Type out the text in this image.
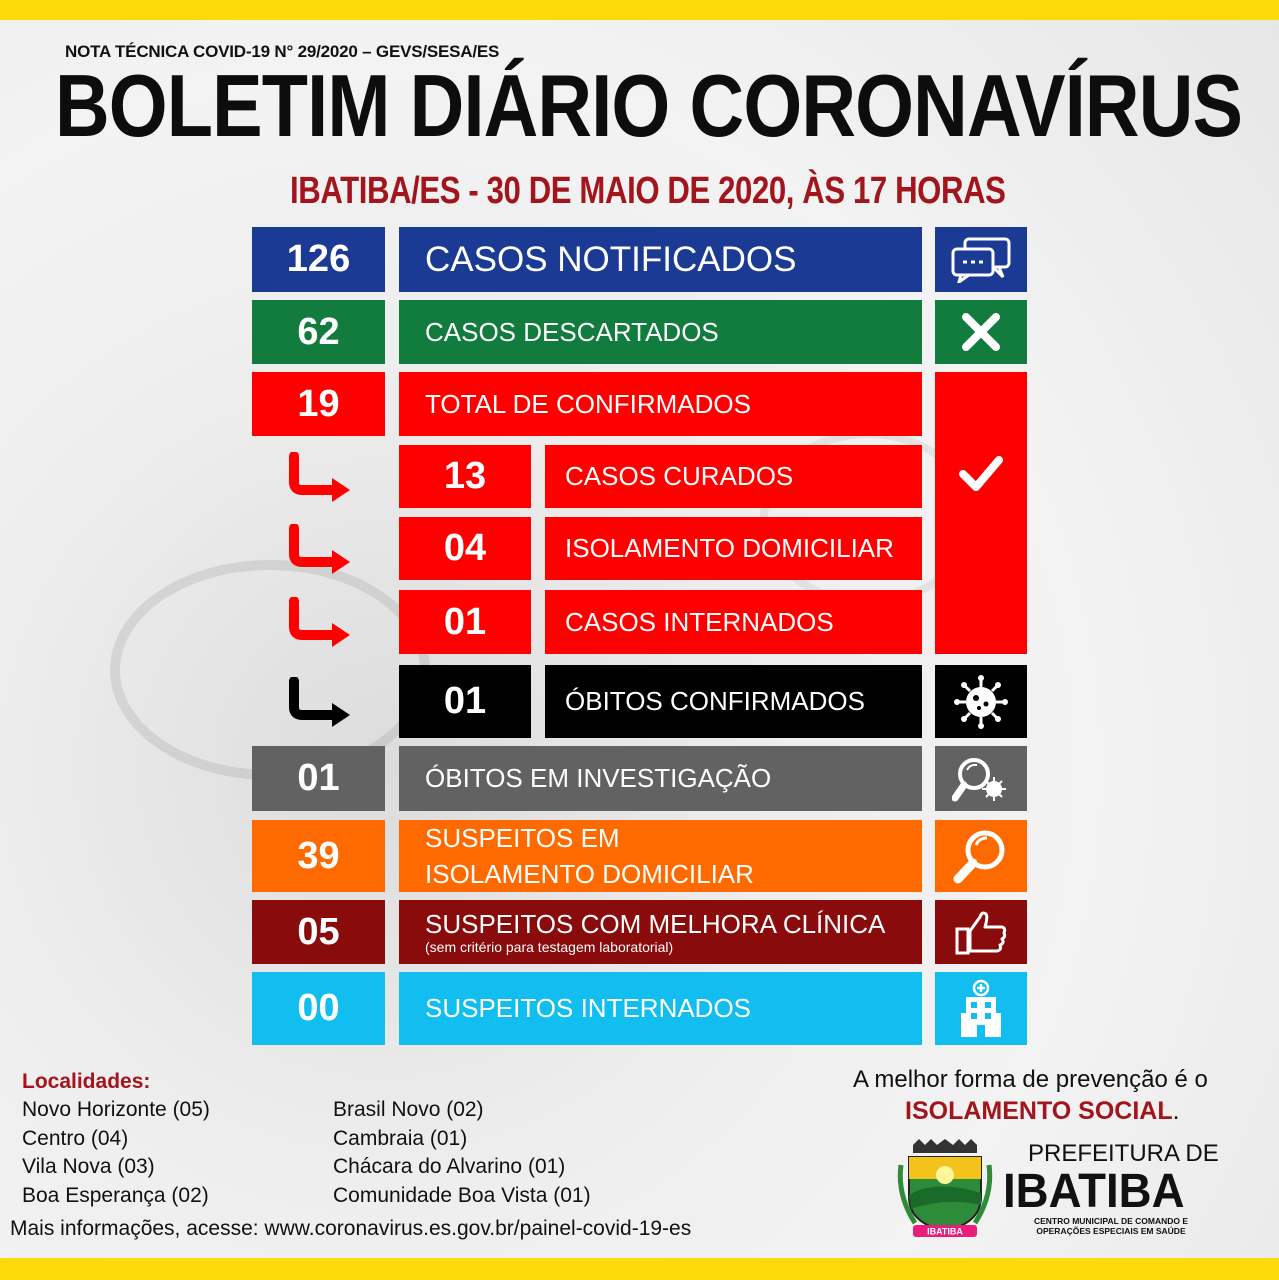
NOTA TÉCNICA COVID-19 N° 29/2020 – GEVS/SESA/ES
BOLETIM DIÁRIO CORONAVÍRUS
IBATIBA/ES - 30 DE MAIO DE 2020, ÀS 17 HORAS
126	CASOS NOTIFICADOS
62	CASOS DESCARTADOS
19	TOTAL DE CONFIRMADOS
13	CASOS CURADOS
04	ISOLAMENTO DOMICILIAR
01	CASOS INTERNADOS
01	ÓBITOS CONFIRMADOS
01	ÓBITOS EM INVESTIGAÇÃO
39	SUSPEITOS EM
ISOLAMENTO DOMICILIAR
05	SUSPEITOS COM MELHORA CLÍNICA
(sem critério para testagem laboratorial)
00	SUSPEITOS INTERNADOS
Localidades:
Novo Horizonte (05)
Centro (04)
Vila Nova (03)
Boa Esperança (02)
Brasil Novo (02)
Cambraia (01)
Chácara do Alvarino (01)
Comunidade Boa Vista (01)
Mais informações, acesse: www.coronavirus.es.gov.br/painel-covid-19-es
A melhor forma de prevenção é o
ISOLAMENTO SOCIAL.
IBATIBA
PREFEITURA DE
IBATIBA
CENTRO MUNICIPAL DE COMANDO E OPERAÇÕES ESPECIAIS EM SAÚDE
